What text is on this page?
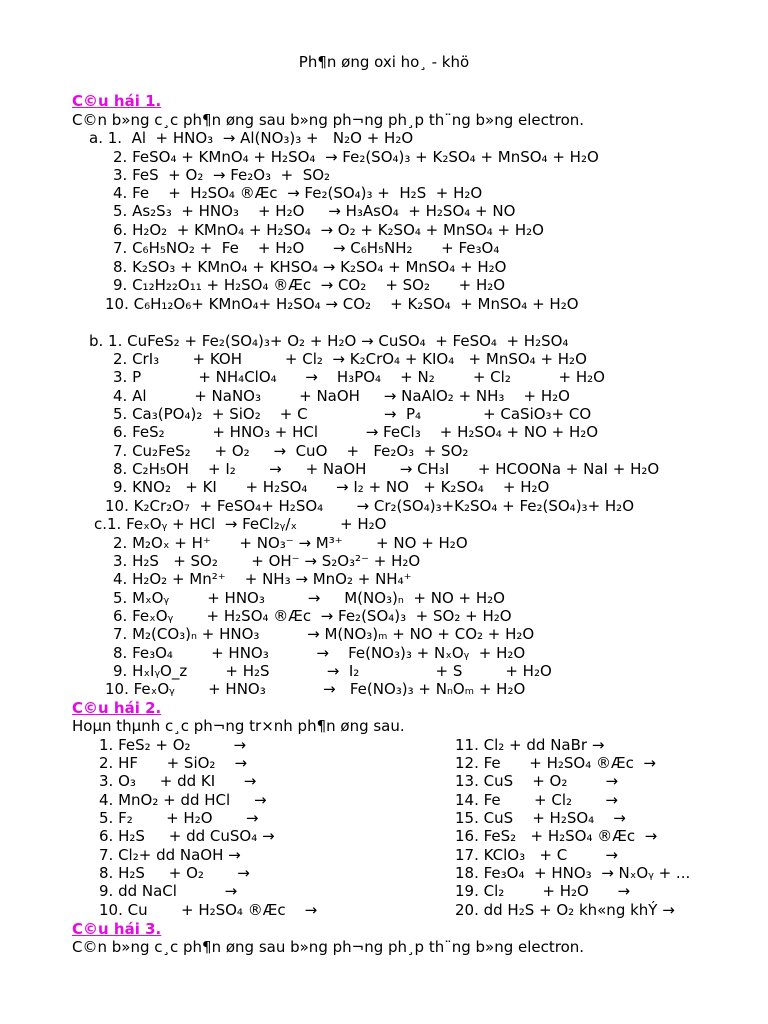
Ph¶n øng oxi ho¸ - khö
C©u hái 1.
C©n b»ng c¸c ph¶n øng sau b»ng ph¬ng ph¸p th¨ng b»ng electron.
a. 1.  Al  + HNO₃  → Al(NO₃)₃ +   N₂O + H₂O
2. FeSO₄ + KMnO₄ + H₂SO₄  → Fe₂(SO₄)₃ + K₂SO₄ + MnSO₄ + H₂O
3. FeS  + O₂  → Fe₂O₃  +  SO₂
4. Fe    +  H₂SO₄ ®Æc  → Fe₂(SO₄)₃ +  H₂S  + H₂O
5. As₂S₃  + HNO₃    + H₂O     → H₃AsO₄  + H₂SO₄ + NO
6. H₂O₂  + KMnO₄ + H₂SO₄  → O₂ + K₂SO₄ + MnSO₄ + H₂O
7. C₆H₅NO₂ +  Fe    + H₂O      → C₆H₅NH₂      + Fe₃O₄
8. K₂SO₃ + KMnO₄ + KHSO₄ → K₂SO₄ + MnSO₄ + H₂O
9. C₁₂H₂₂O₁₁ + H₂SO₄ ®Æc  → CO₂    + SO₂      + H₂O
10. C₆H₁₂O₆+ KMnO₄+ H₂SO₄ → CO₂    + K₂SO₄  + MnSO₄ + H₂O
b. 1. CuFeS₂ + Fe₂(SO₄)₃+ O₂ + H₂O → CuSO₄  + FeSO₄  + H₂SO₄
2. CrI₃       + KOH         + Cl₂  → K₂CrO₄ + KIO₄   + MnSO₄ + H₂O
3. P            + NH₄ClO₄      →    H₃PO₄    + N₂        + Cl₂          + H₂O
4. Al          + NaNO₃        + NaOH     → NaAlO₂ + NH₃    + H₂O
5. Ca₃(PO₄)₂  + SiO₂    + C                →  P₄             + CaSiO₃+ CO
6. FeS₂          + HNO₃ + HCl          → FeCl₃    + H₂SO₄ + NO + H₂O
7. Cu₂FeS₂     + O₂     →  CuO    +   Fe₂O₃  + SO₂
8. C₂H₅OH    + I₂       →     + NaOH       → CH₃I      + HCOONa + NaI + H₂O
9. KNO₂   + KI      + H₂SO₄      → I₂ + NO   + K₂SO₄    + H₂O
10. K₂Cr₂O₇  + FeSO₄+ H₂SO₄       → Cr₂(SO₄)₃+K₂SO₄ + Fe₂(SO₄)₃+ H₂O
c.1. FeₓOᵧ + HCl  → FeCl₂ᵧ/ₓ         + H₂O
2. M₂Oₓ + H⁺      + NO₃⁻ → M³⁺       + NO + H₂O
3. H₂S   + SO₂       + OH⁻ → S₂O₃²⁻ + H₂O
4. H₂O₂ + Mn²⁺    + NH₃ → MnO₂ + NH₄⁺
5. MₓOᵧ        + HNO₃         →     M(NO₃)ₙ  + NO + H₂O
6. FeₓOᵧ       + H₂SO₄ ®Æc  → Fe₂(SO₄)₃  + SO₂ + H₂O
7. M₂(CO₃)ₙ + HNO₃          → M(NO₃)ₘ + NO + CO₂ + H₂O
8. Fe₃O₄        + HNO₃          →    Fe(NO₃)₃ + NₓOᵧ  + H₂O
9. HₓIᵧO_z        + H₂S            →  I₂                + S         + H₂O
10. FeₓOᵧ       + HNO₃            →   Fe(NO₃)₃ + NₙOₘ + H₂O
C©u hái 2.
Hoµn thµnh c¸c ph¬ng tr×nh ph¶n øng sau.
1. FeS₂ + O₂         →
2. HF      + SiO₂    →
3. O₃     + dd KI      →
4. MnO₂ + dd HCl     →
5. F₂       + H₂O       →
6. H₂S     + dd CuSO₄ →
7. Cl₂+ dd NaOH →
8. H₂S     + O₂       →
9. dd NaCl          →
10. Cu       + H₂SO₄ ®Æc    →
11. Cl₂ + dd NaBr →
12. Fe      + H₂SO₄ ®Æc  →
13. CuS    + O₂        →
14. Fe       + Cl₂       →
15. CuS    + H₂SO₄    →
16. FeS₂   + H₂SO₄ ®Æc  →
17. KClO₃   + C        →
18. Fe₃O₄  + HNO₃  → NₓOᵧ + ...
19. Cl₂        + H₂O      →
20. dd H₂S + O₂ kh«ng khÝ →
C©u hái 3.
C©n b»ng c¸c ph¶n øng sau b»ng ph¬ng ph¸p th¨ng b»ng electron.
